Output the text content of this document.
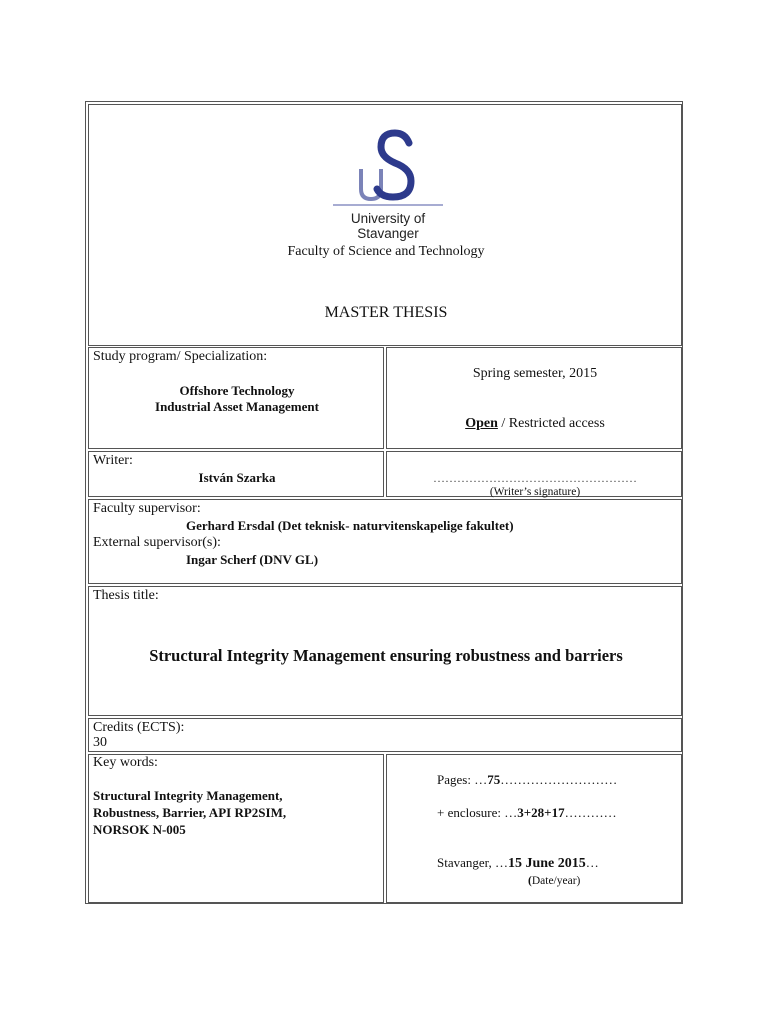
University of
Stavanger
Faculty of Science and Technology
MASTER THESIS
Study program/ Specialization:
Offshore Technology
Industrial Asset Management
Spring semester, 2015
Open / Restricted access
Writer:
István Szarka	……………………………………………
(Writer’s signature)
Faculty supervisor:
Gerhard Ersdal (Det teknisk- naturvitenskapelige fakultet)
External supervisor(s):
Ingar Scherf (DNV GL)
Thesis title:
Structural Integrity Management ensuring robustness and barriers
Credits (ECTS):
30
Key words:
Structural Integrity Management,
Robustness, Barrier, API RP2SIM,
NORSOK N-005
Pages: …75………………………
+ enclosure: …3+28+17…………
Stavanger, …15 June 2015…
(Date/year)
